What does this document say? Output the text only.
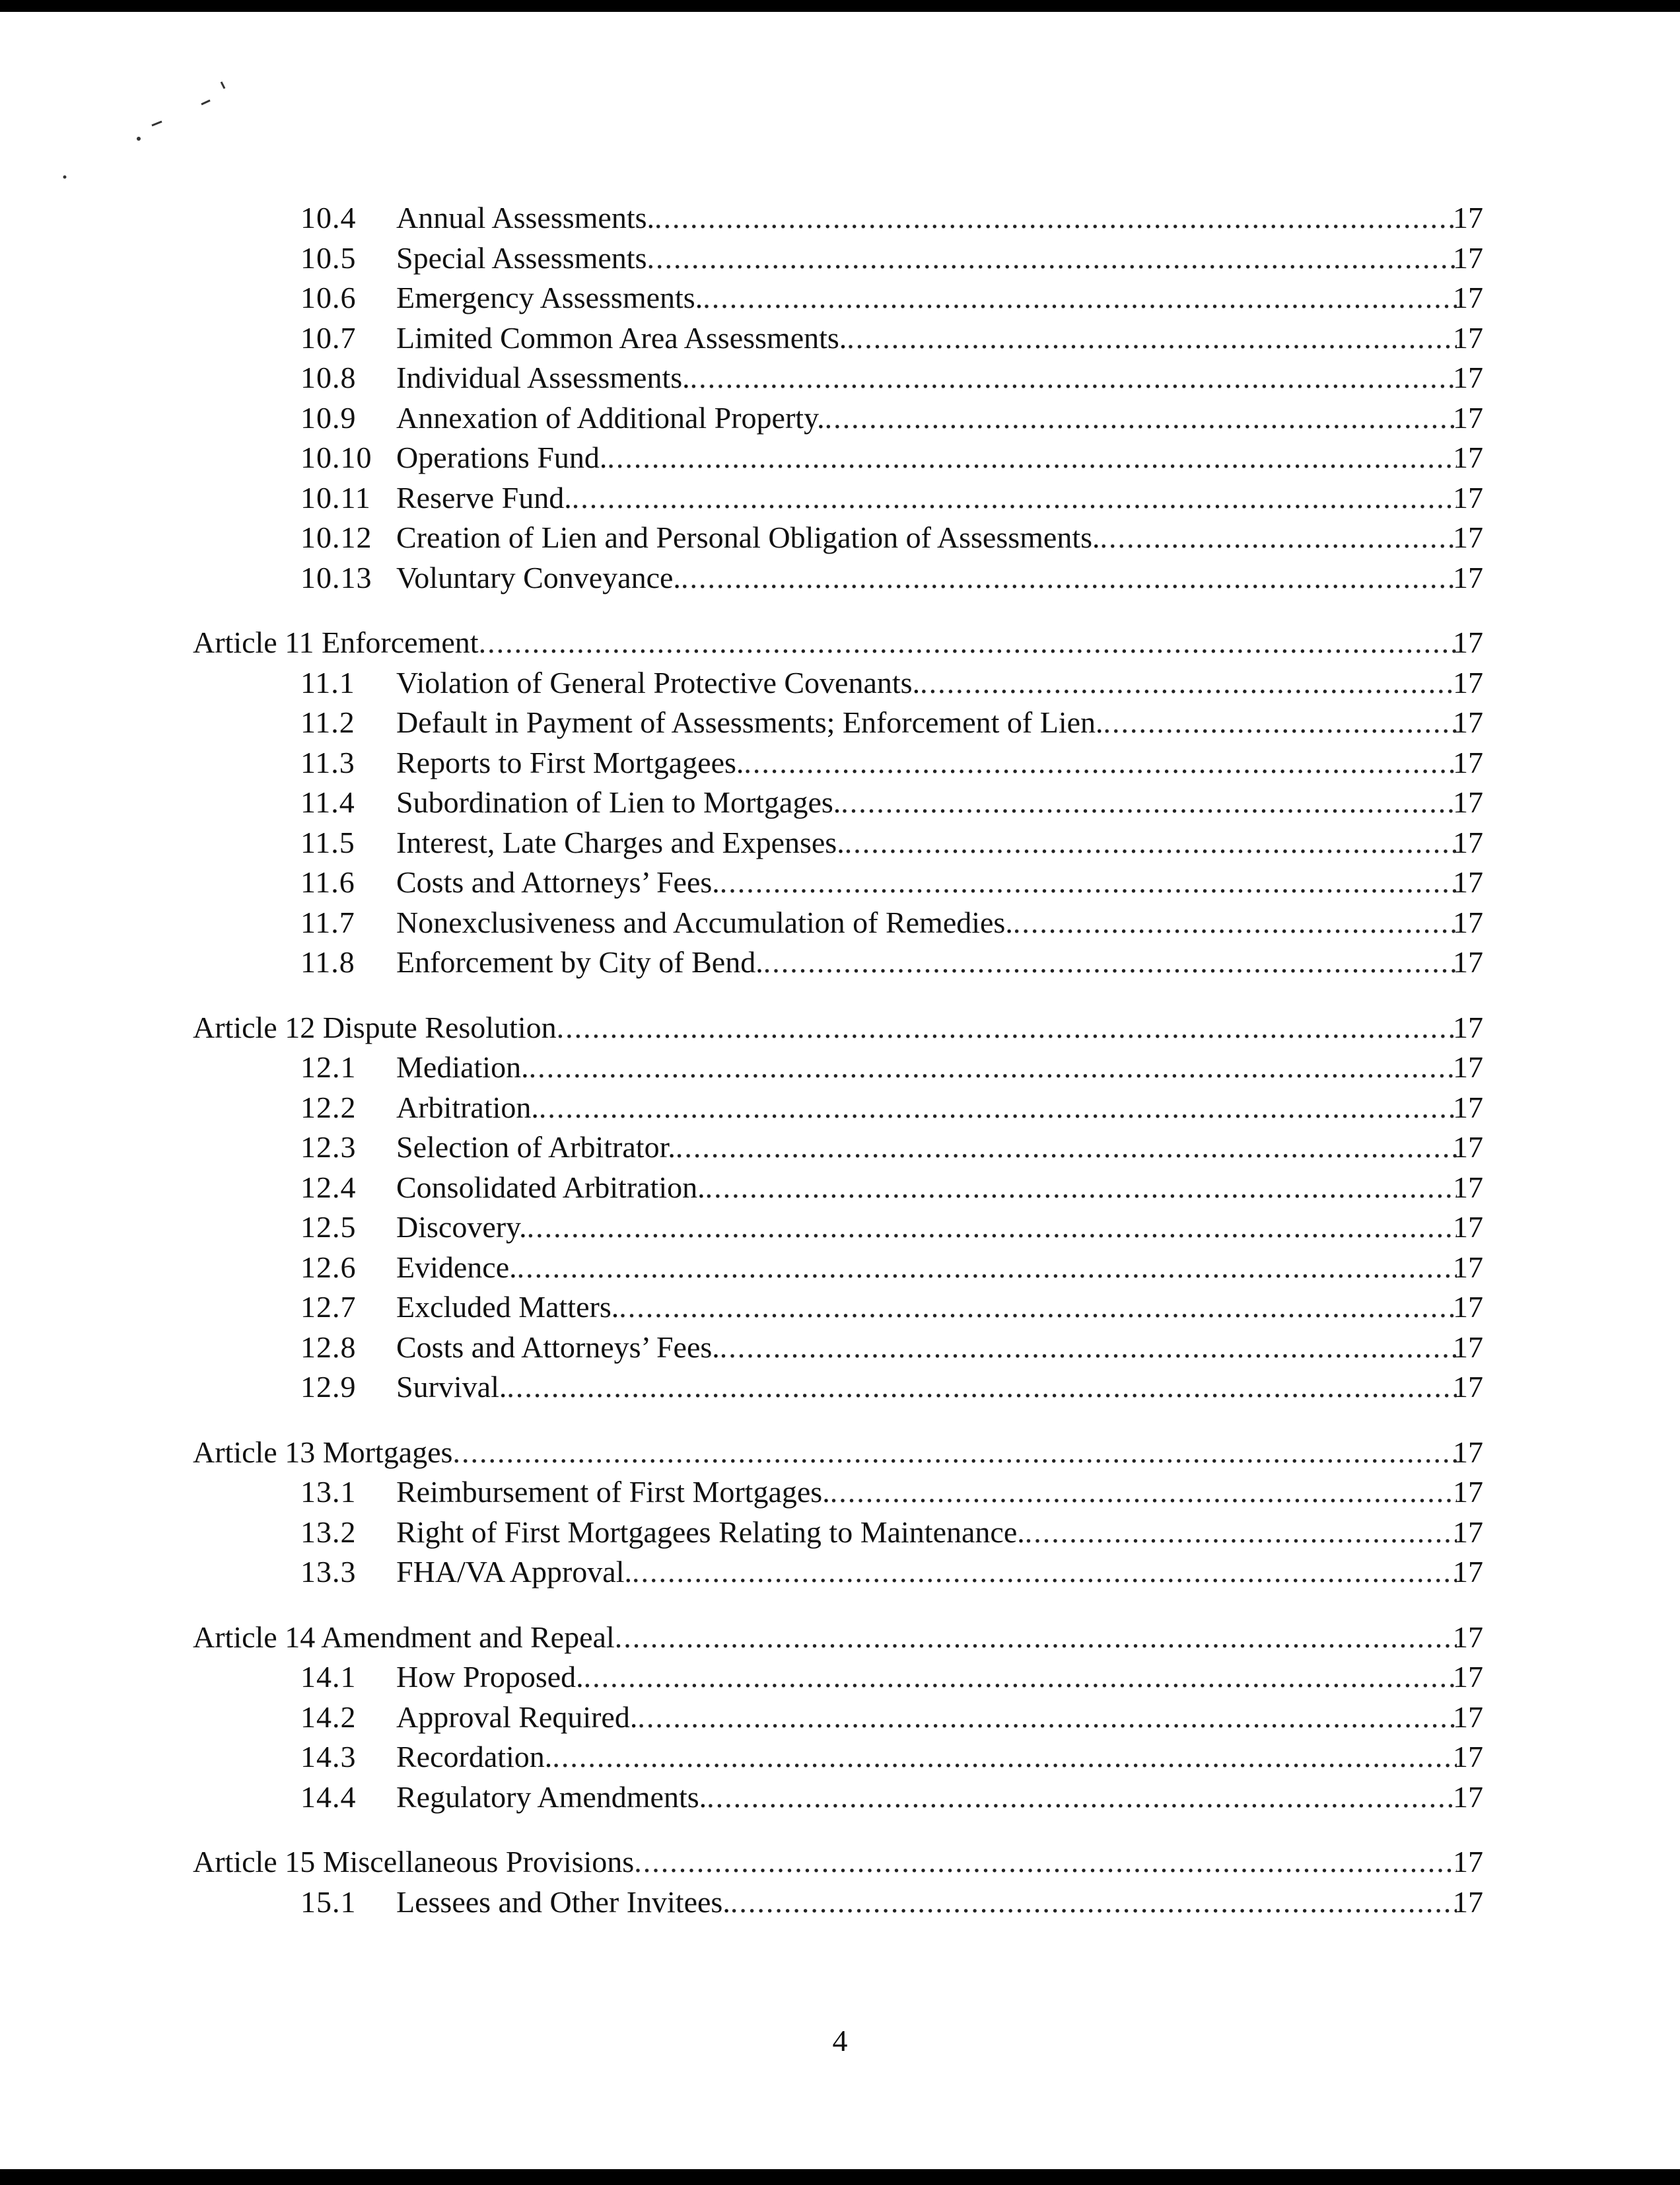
10.4 Annual Assessments. .....	17
10.5 Special Assessments .....	17
10.6 Emergency Assessments. .....	17
10.7 Limited Common Area Assessments. .....	17
10.8 Individual Assessments. .....	17
10.9 Annexation of Additional Property. .....	17
10.10 Operations Fund. .....	17
10.11 Reserve Fund. .....	17
10.12 Creation of Lien and Personal Obligation of Assessments. .....	17
10.13 Voluntary Conveyance. .....	17
Article 11 Enforcement .....	17
11.1 Violation of General Protective Covenants. .....	17
11.2 Default in Payment of Assessments; Enforcement of Lien. .....	17
11.3 Reports to First Mortgagees. .....	17
11.4 Subordination of Lien to Mortgages. .....	17
11.5 Interest, Late Charges and Expenses. .....	17
11.6 Costs and Attorneys’ Fees. .....	17
11.7 Nonexclusiveness and Accumulation of Remedies. .....	17
11.8 Enforcement by City of Bend. .....	17
Article 12 Dispute Resolution .....	17
12.1 Mediation. .....	17
12.2 Arbitration. .....	17
12.3 Selection of Arbitrator. .....	17
12.4 Consolidated Arbitration. .....	17
12.5 Discovery. .....	17
12.6 Evidence. .....	17
12.7 Excluded Matters. .....	17
12.8 Costs and Attorneys’ Fees. .....	17
12.9 Survival. .....	17
Article 13 Mortgages .....	17
13.1 Reimbursement of First Mortgages. .....	17
13.2 Right of First Mortgagees Relating to Maintenance. .....	17
13.3 FHA/VA Approval. .....	17
Article 14 Amendment and Repeal .....	17
14.1 How Proposed. .....	17
14.2 Approval Required. .....	17
14.3 Recordation. .....	17
14.4 Regulatory Amendments. .....	17
Article 15 Miscellaneous Provisions .....	17
15.1 Lessees and Other Invitees. .....	17
4
